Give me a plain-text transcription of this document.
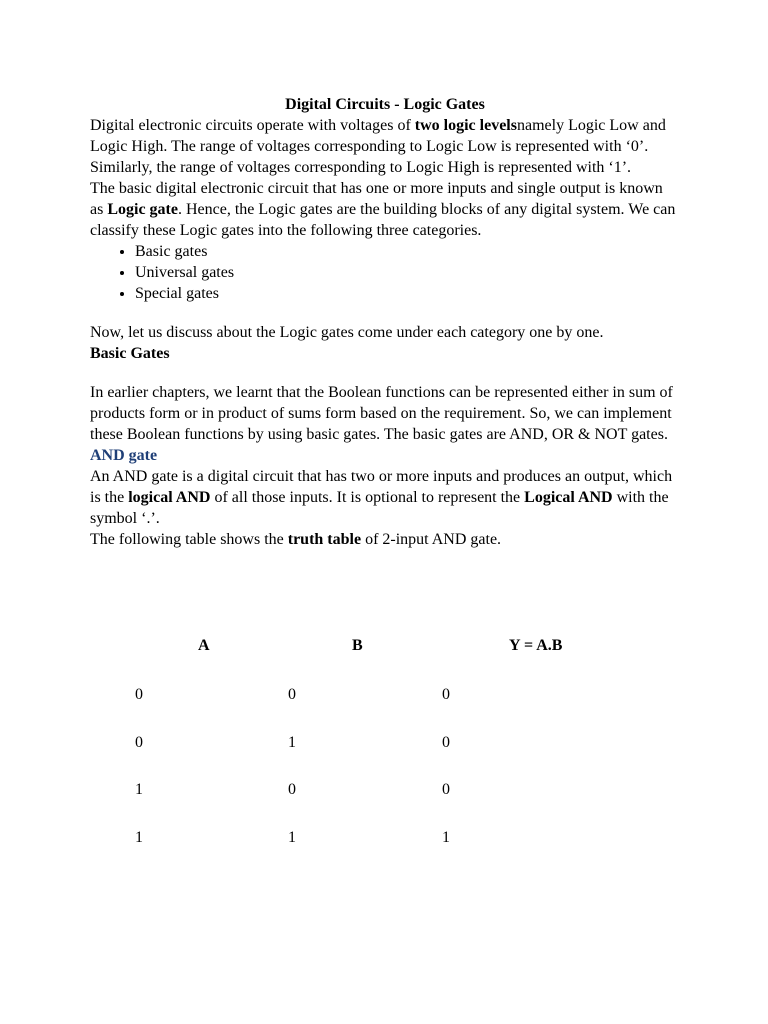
Digital Circuits - Logic Gates

Digital electronic circuits operate with voltages of two logic levelsnamely Logic Low and Logic High. The range of voltages corresponding to Logic Low is represented with ‘0’. Similarly, the range of voltages corresponding to Logic High is represented with ‘1’.

The basic digital electronic circuit that has one or more inputs and single output is known as Logic gate. Hence, the Logic gates are the building blocks of any digital system. We can classify these Logic gates into the following three categories.

• Basic gates
• Universal gates
• Special gates

Now, let us discuss about the Logic gates come under each category one by one.

Basic Gates

In earlier chapters, we learnt that the Boolean functions can be represented either in sum of products form or in product of sums form based on the requirement. So, we can implement these Boolean functions by using basic gates. The basic gates are AND, OR & NOT gates.

AND gate

An AND gate is a digital circuit that has two or more inputs and produces an output, which is the logical AND of all those inputs. It is optional to represent the Logical AND with the symbol ‘.’.

The following table shows the truth table of 2-input AND gate.

A	B	Y = A.B
0	0	0
0	1	0
1	0	0
1	1	1
